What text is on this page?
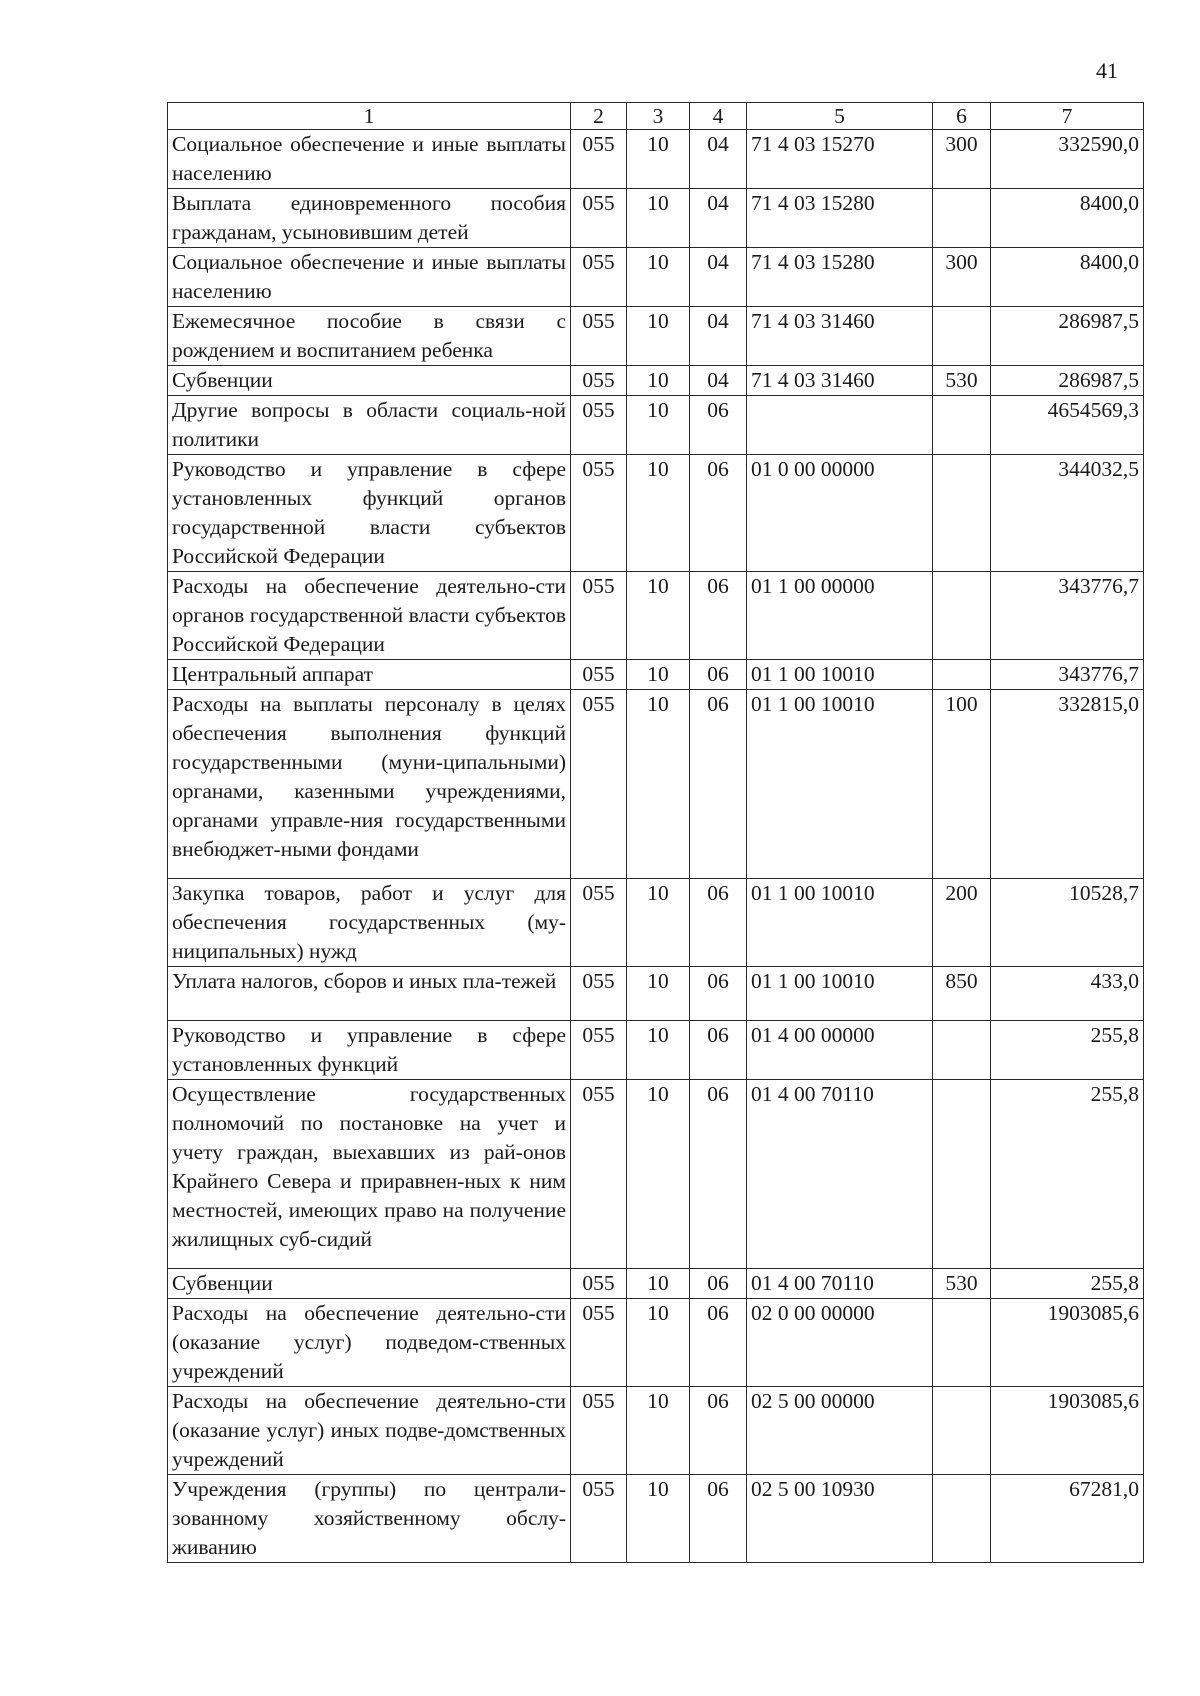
41
1	2	3	4	5	6	7
Социальное обеспечение и иные выплаты населению	055	10	04	71 4 03 15270	300	332590,0
Выплата единовременного пособия гражданам, усыновившим детей	055	10	04	71 4 03 15280		8400,0
Социальное обеспечение и иные выплаты населению	055	10	04	71 4 03 15280	300	8400,0
Ежемесячное пособие в связи с рождением и воспитанием ребенка	055	10	04	71 4 03 31460		286987,5
Субвенции	055	10	04	71 4 03 31460	530	286987,5
Другие вопросы в области социаль-ной политики	055	10	06			4654569,3
Руководство и управление в сфере установленных функций органов государственной власти субъектов Российской Федерации	055	10	06	01 0 00 00000		344032,5
Расходы на обеспечение деятельно-сти органов государственной власти субъектов Российской Федерации	055	10	06	01 1 00 00000		343776,7
Центральный аппарат	055	10	06	01 1 00 10010		343776,7
Расходы на выплаты персоналу в целях обеспечения выполнения функций государственными (муни-ципальными) органами, казенными учреждениями, органами управле-ния государственными внебюджет-ными фондами	055	10	06	01 1 00 10010	100	332815,0
Закупка товаров, работ и услуг для обеспечения государственных (му-ниципальных) нужд	055	10	06	01 1 00 10010	200	10528,7
Уплата налогов, сборов и иных пла-тежей	055	10	06	01 1 00 10010	850	433,0
Руководство и управление в сфере установленных функций	055	10	06	01 4 00 00000		255,8
Осуществление государственных полномочий по постановке на учет и учету граждан, выехавших из рай-онов Крайнего Севера и приравнен-ных к ним местностей, имеющих право на получение жилищных суб-сидий	055	10	06	01 4 00 70110		255,8
Субвенции	055	10	06	01 4 00 70110	530	255,8
Расходы на обеспечение деятельно-сти (оказание услуг) подведом-ственных учреждений	055	10	06	02 0 00 00000		1903085,6
Расходы на обеспечение деятельно-сти (оказание услуг) иных подве-домственных учреждений	055	10	06	02 5 00 00000		1903085,6
Учреждения (группы) по централи-зованному хозяйственному обслу-живанию	055	10	06	02 5 00 10930		67281,0
